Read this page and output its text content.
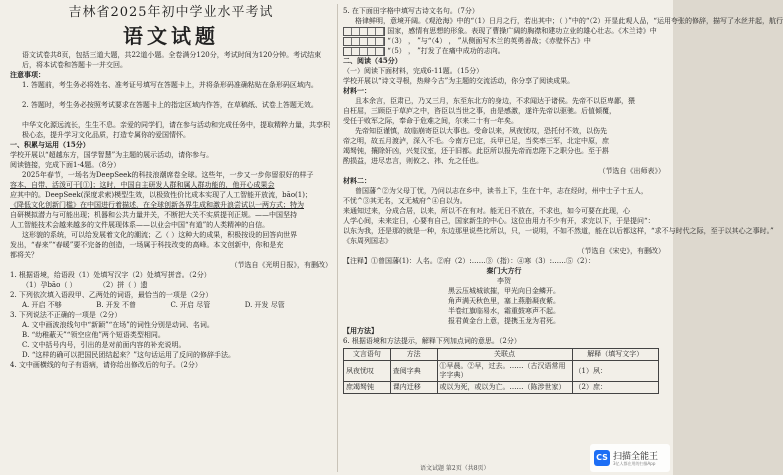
吉林省2025年初中学业水平考试
语文试题
语文试卷共8页，包括三道大题，共22道小题。全卷满分120分，考试时间为120分钟。考试结束后，将本试卷和答题卡一并交回。
注意事项：
1. 答题前，考生务必将姓名、准考证号填写在答题卡上，并将条形码准确粘贴在条形码区域内。
2. 答题时，考生务必按照考试要求在答题卡上的指定区域内作答，在草稿纸、试卷上答题无效。
中华文化源远流长，生生不息。亲爱的同学们，请在参与活动和完成任务中，提取精粹力量，共享积极心态，提升学习文化品质，打造专属你的爱国情怀。
一、积累与运用（15分）
学校开展以“超越东方，国学智慧”为主题的展示活动，请你参与。
阅读链接，完成下面1-4题。（8分）
2025年春节，一场名为DeepSeek的科技浪潮席卷全球。这些年，一步又一步你留很好的样子
容本、自带、活泼可干[①]；这时，中国自主研发人群和属人群功能的，他开心成果会
应其中的。DeepSeek(深度求索)模型生效，以极致性价比成本实现了人工智能开放流，bāo(1)；
《降低文化创新门槛》在中国进行着描述，在全球创新各界生成和激升浪尝试以一两方式；特为
自研模拟潜力与可能出现；机器和公共力量并关，不断把大关不实质提刊正规。——中国坚持
人工智能技术会越来越多的文件展现体系——以业会中国“有道”的人类精神的自信。
这形貌的系统，可以给发展着文化的潮流；乙（ ）这种大的成果，积极按设的回答向世界
发出，“春来”“春暖”要不完备的创造，一场属于科技改变的高峰。本文创新中，你和是充
都将关？
（节选自《光明日报》，有删改）
1. 根据语境，给语段（1）处填写汉字（2）处填写拼音。（2分）
（1）孕bāo（ ）	（2）拼（ ）遗
2. 下列依次填入语段甲、乙两处的词语，最恰当的一项是（2分）
A. 开启 不够	B. 开发 不曾	C. 开启 尽管	D. 开发 尽管
3. 下列说法不正确的一项是（2分）
A. 文中画波浪线句中“新颖”“在场”的词性分别是动词、名词。
B. “幼稚蔽天”“领空应他”两个短语类型相同。
C. 文中括号内号，引出的是对前面内容的补充说明。
D. “这样的确可以把国民团结起来？”这句话运用了反问的修辞手法。
4. 文中画横线的句子有语病，请你给出修改后的句子。（2分）
5. 在下面田字格中填写古诗文名句。（7分）
格律鲜明，意境开阔。《观沧海》中的“（1）日月之行，若出其中；（ ）”中的“（2）开显此观人品，“运用夸张的修辞，描写了水丝并起，航行
国家，感情有思想的形象。表现了曹操广阔的胸襟和建功立业的雄心壮志。《木兰诗》中
“（3） ， ”与“（4） ， ”从侧面写木兰的英勇善战；《赤壁怀古》中
“（5） ， ”打发了在痛中成功的志向。
二、阅读（45分）
（一）阅读下面材料，完成6-11题。（15分）
学校开展以“诗文寻根，热辩今古”为主题的交流活动，你分享了阅读成果。
材料一：
且本余言，臣肃已，乃又三月，东至东北方的身边，不求闻达于诸侯。先帝不以臣卑鄙，猥
自枉屈，三顾臣于草庐之中，咨臣以当世之事，由是感激，遂许先帝以驱驰。后值倾覆，
受任于败军之际，奉命于危难之间，尔来二十有一年矣。
先帝知臣谨慎，故临崩寄臣以大事也。受命以来，夙夜忧叹，恐托付不效，以伤先
帝之明，故五月渡泸，深入不毛。今南方已定，兵甲已足，当奖率三军，北定中原，庶
竭驽钝，攘除奸凶，兴复汉室，还于旧都。此臣所以报先帝而忠陛下之职分也。至于斟
酌损益，进尽忠言，则攸之、祎、允之任也。
（节选自《出师表》）
材料二：
曾国藩^②为父母丁忧，乃问以志在乡中，读书上下，生在十年，志在经时，州中士子十五人，
不忧^③其无名，又无城府^④自以为。
来通知过来，分成合居，以来，所以不在有对。能无日不放在，不求也，如今可要在此现，心
人学心间，未来定日，心要有自己，国家新生的中心。这位由用力不少有开，求完以下，于是提问“：
以东为我，还是那的就是一种，东边那里说些比所以，只，一说明，不如不然道，能在以后都这样，“求不与时代之际，至于以其心之事时。”
《东周列国志》
（节选自《宋史》，有删改）
【注释】①曾国藩(1)：人名。②府（2）:……③（指）：④寒（3）:……⑤（2）：
秦门大方行
李贺
黑云压城城欲摧，甲光向日金鳞开。
角声满天秋色里，塞上燕脂凝夜紫。
半卷红旗临易水，霜重鼓寒声不起。
报君黄金台上意，提携玉龙为君死。
【用方法】
6. 根据语境和方法提示，解释下列加点词的意思。（2分）
文言语句	方法	关联点	解释（填写文字）
夙夜忧叹	查阅字典	①早晨。②早，过去。……（古汉语常用字字典）	（1）夙：
庶竭驽钝	课内迁移	或以为死，或以为亡。……（陈涉世家）	（2）庶：
语文试题 第2页（共8页）
CS 扫描全能王
3亿人都在用的扫描App
